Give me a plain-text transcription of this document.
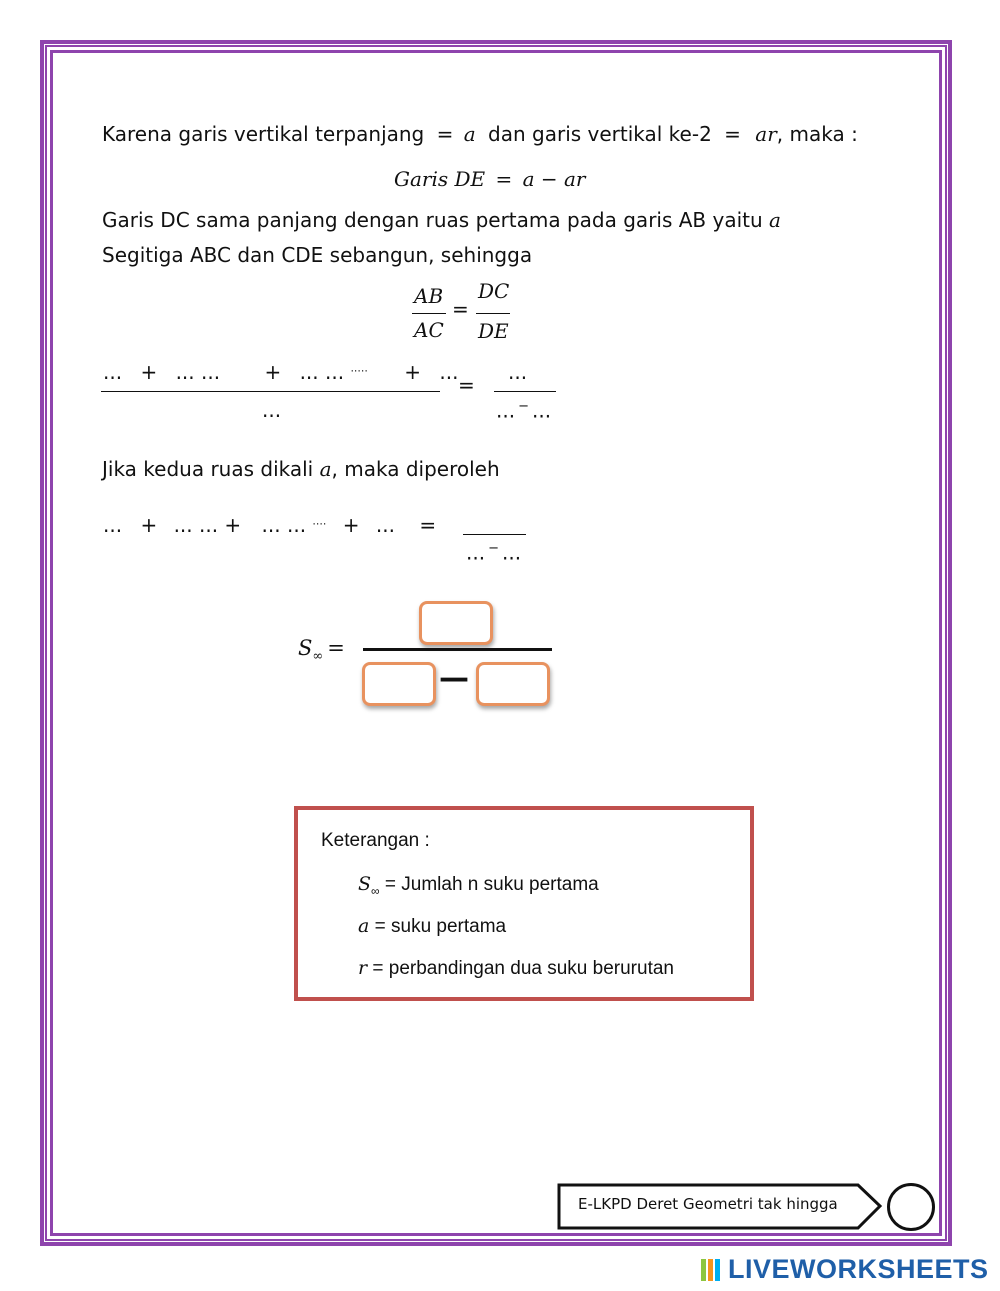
Karena garis vertikal terpanjang = a dan garis vertikal ke-2 = ar, maka :
Garis DE = a − ar
Garis DC sama panjang dengan ruas pertama pada garis AB yaitu a
Segitiga ABC dan CDE sebangun, sehingga
AB
AC
=
DC
DE
... + ... ... + ... ... ..... + ...
...
=
...
... − ...
Jika kedua ruas dikali a, maka diperoleh
... + ... ... + ... ... .... + ... =
... − ...
$S_\infty$ =
—
Keterangan :
$S_\infty$ = Jumlah n suku pertama
a = suku pertama
r = perbandingan dua suku berurutan
E-LKPD Deret Geometri tak hingga
LIVEWORKSHEETS
